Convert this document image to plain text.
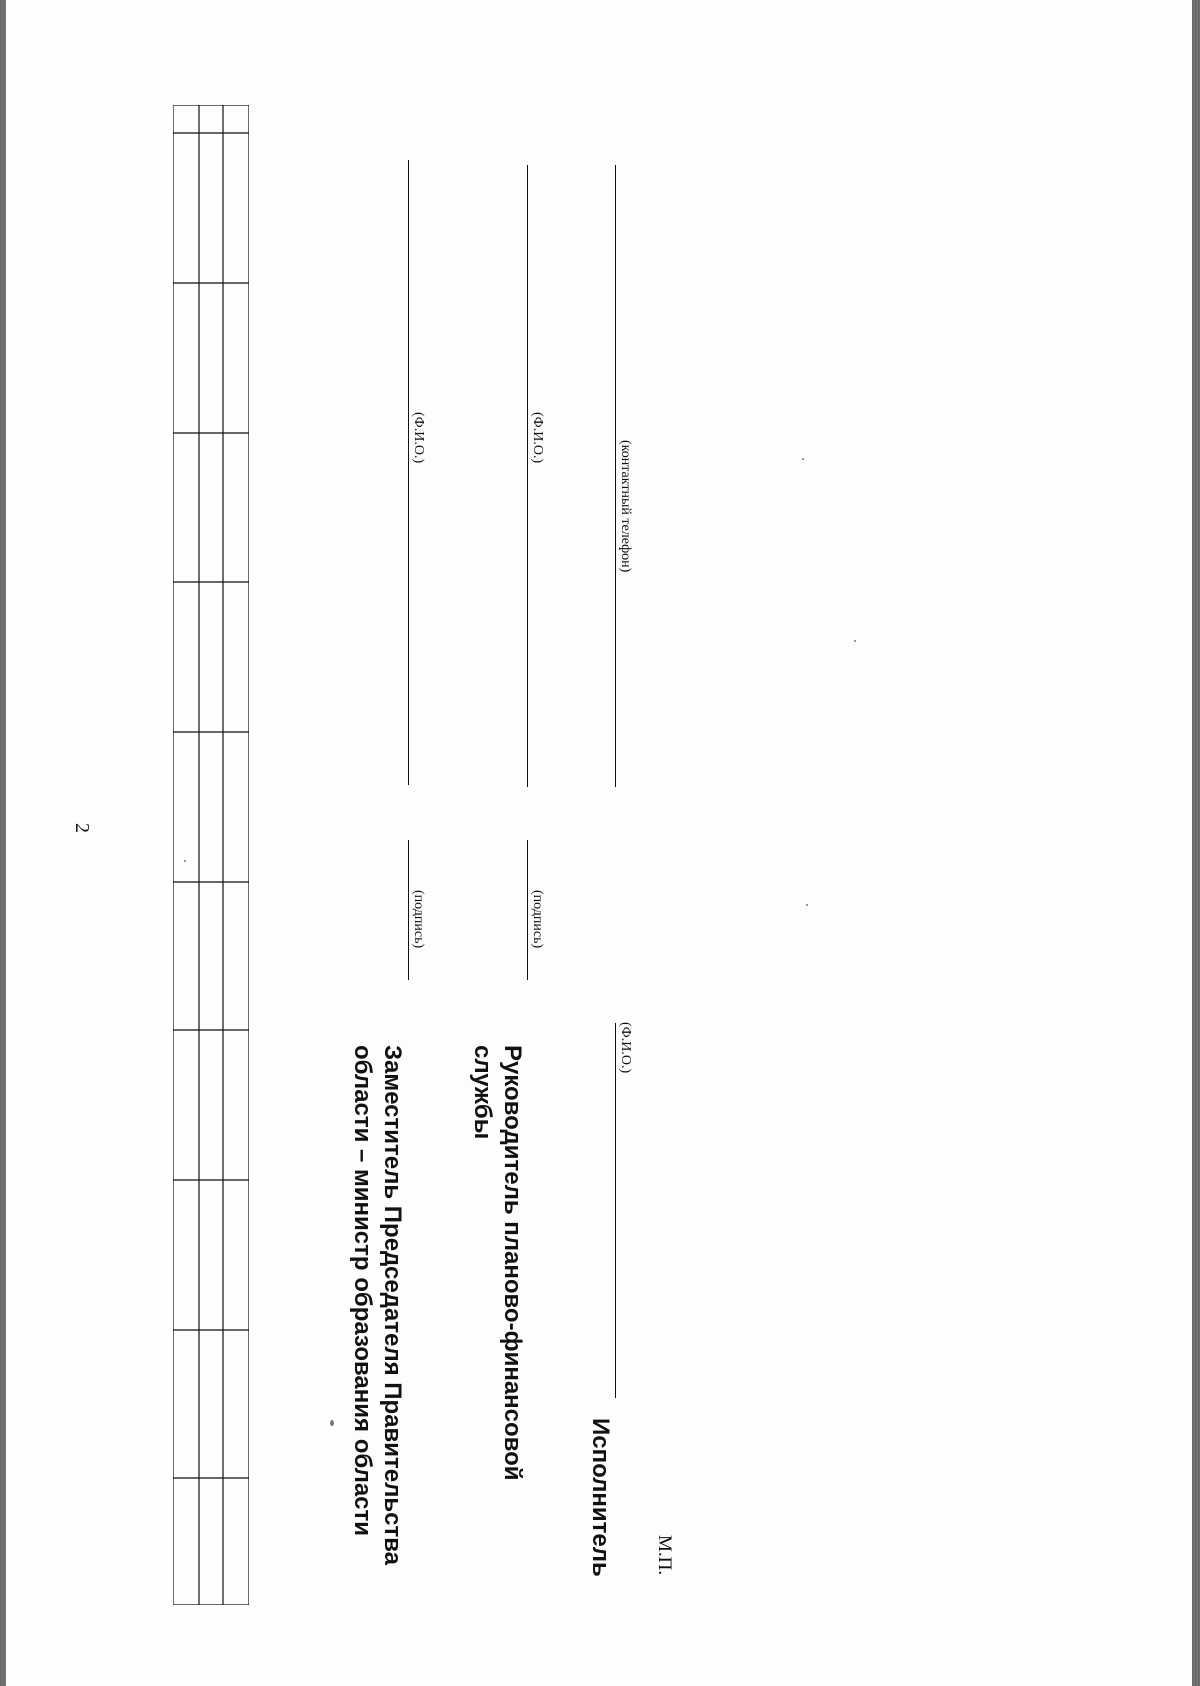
2
Заместитель Председателя Правительства
области – министр образования области
(подпись)
(Ф.И.О.)
Руководитель планово-финансовой
службы
(подпись)
(Ф.И.О.)
Исполнитель
(Ф.И.О.)
(контактный телефон)
М.П.
